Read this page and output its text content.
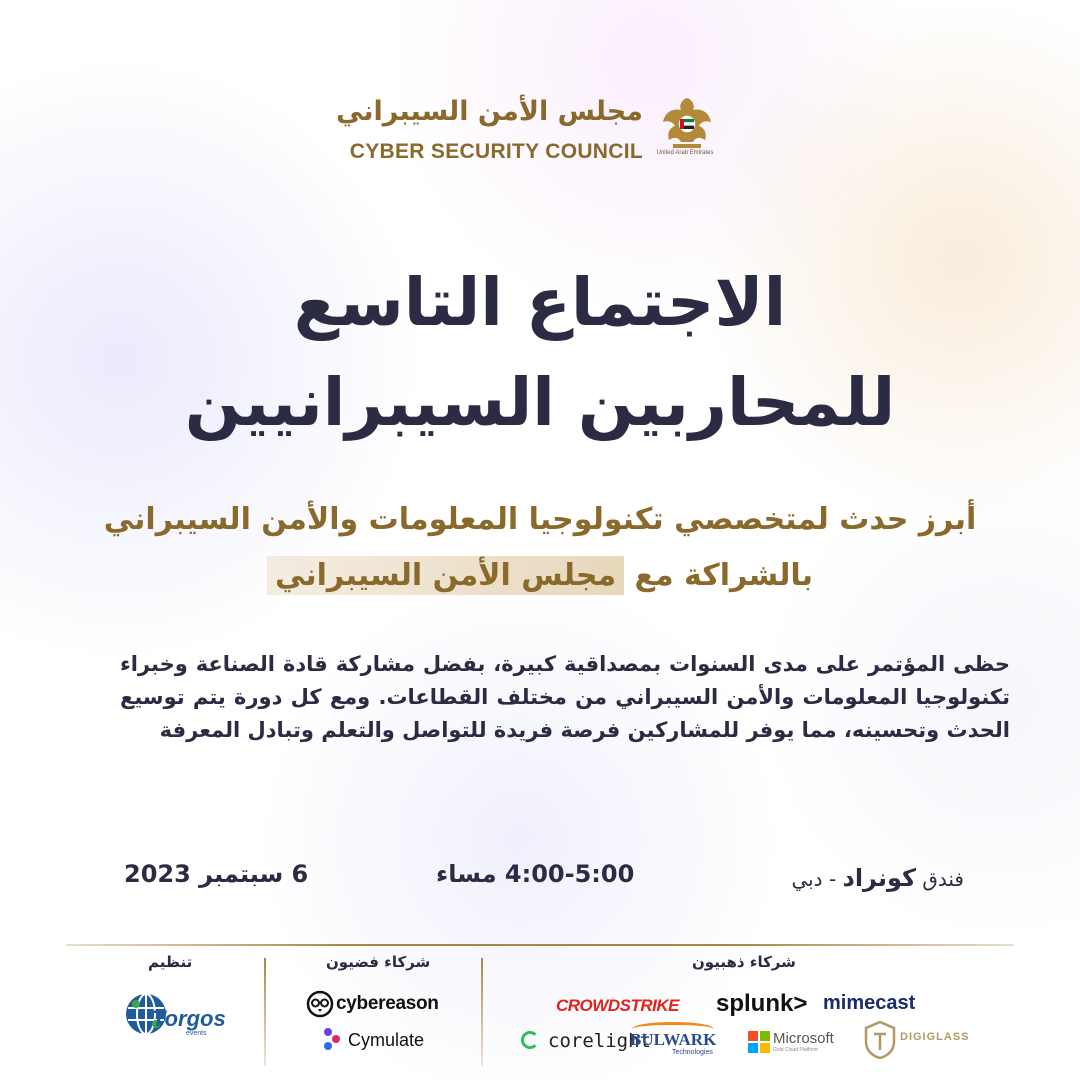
مجلس الأمن السيبراني
CYBER SECURITY COUNCIL United Arab Emirates
الاجتماع التاسع
للمحاربين السيبرانيين
أبرز حدث لمتخصصي تكنولوجيا المعلومات والأمن السيبراني
بالشراكة مع مجلس الأمن السيبراني
حظى المؤتمر على مدى السنوات بمصداقية كبيرة، بفضل مشاركة قادة الصناعة وخبراء تكنولوجيا المعلومات والأمن السيبراني من مختلف القطاعات. ومع كل دورة يتم توسيع الحدث وتحسينه، مما يوفر للمشاركين فرصة فريدة للتواصل والتعلم وتبادل المعرفة
6 سبتمبر 2023	4:00-5:00 مساء	فندق كونراد - دبي
تنظيم	شركاء فضيون	شركاء ذهبيون
Torgos
events
cybereason
Cymulate
CROWDSTRIKE splunk> mimecast
corelight
BULWARK
Technologies
Microsoft
Gold Cloud Platform
DIGIGLASS
